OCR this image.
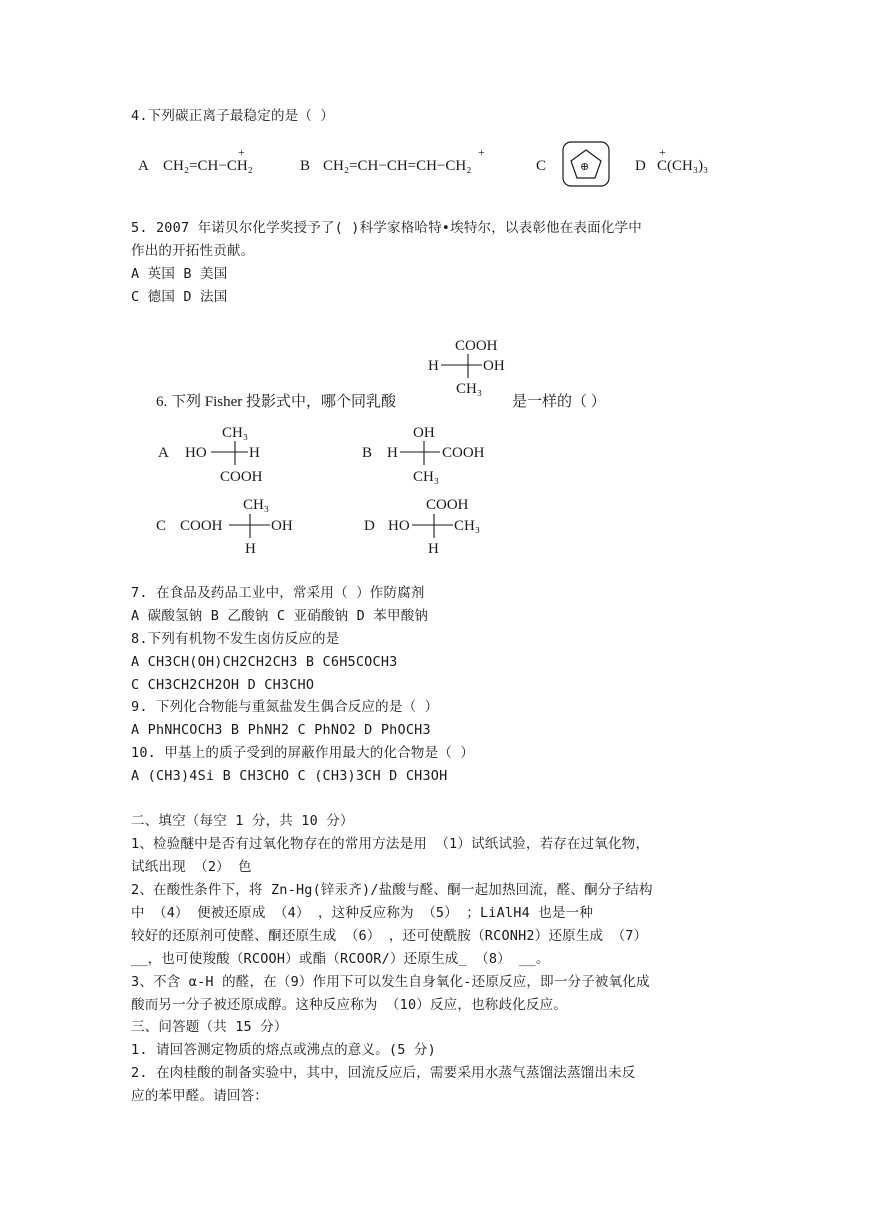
4.下列碳正离子最稳定的是（ ）
A CH₂=CH−CH₂
+
B CH₂=CH−CH=CH−CH₂
+
C	⊕	D C(CH₃)₃
+
5. 2007 年诺贝尔化学奖授予了( )科学家格哈特•埃特尔，以表彰他在表面化学中
作出的开拓性贡献。
A 英国 B 美国
C 德国 D 法国
COOH
H	OH
CH₃
6. 下列 Fisher 投影式中，哪个同乳酸	是一样的（ ）
A
CH₃
HO	H
COOH
B
OH
H	COOH
CH₃
C
CH₃
COOH	OH
H
D
COOH
HO	CH₃
H
7. 在食品及药品工业中，常采用（ ）作防腐剂
A 碳酸氢钠 B 乙酸钠 C 亚硝酸钠 D 苯甲酸钠
8.下列有机物不发生卤仿反应的是
A CH3CH(OH)CH2CH2CH3 B C6H5COCH3
C CH3CH2CH2OH D CH3CHO
9. 下列化合物能与重氮盐发生偶合反应的是（ ）
A PhNHCOCH3 B PhNH2 C PhNO2 D PhOCH3
10. 甲基上的质子受到的屏蔽作用最大的化合物是（ ）
A (CH3)4Si B CH3CHO C (CH3)3CH D CH3OH
二、填空（每空 1 分，共 10 分）
1、检验醚中是否有过氧化物存在的常用方法是用 （1）试纸试验，若存在过氧化物，
试纸出现 （2） 色
2、在酸性条件下，将 Zn-Hg(锌汞齐)/盐酸与醛、酮一起加热回流，醛、酮分子结构
中 （4） 便被还原成 （4） ，这种反应称为 （5） ；LiAlH4 也是一种
较好的还原剂可使醛、酮还原生成 （6） ，还可使酰胺（RCONH2）还原生成 （7）
__，也可使羧酸（RCOOH）或酯（RCOOR/）还原生成_ （8） __。
3、不含 α-H 的醛，在（9）作用下可以发生自身氧化-还原反应，即一分子被氧化成
酸而另一分子被还原成醇。这种反应称为 （10）反应，也称歧化反应。
三、问答题（共 15 分）
1. 请回答测定物质的熔点或沸点的意义。(5 分)
2. 在肉桂酸的制备实验中，其中，回流反应后，需要采用水蒸气蒸馏法蒸馏出未反
应的苯甲醛。请回答：
